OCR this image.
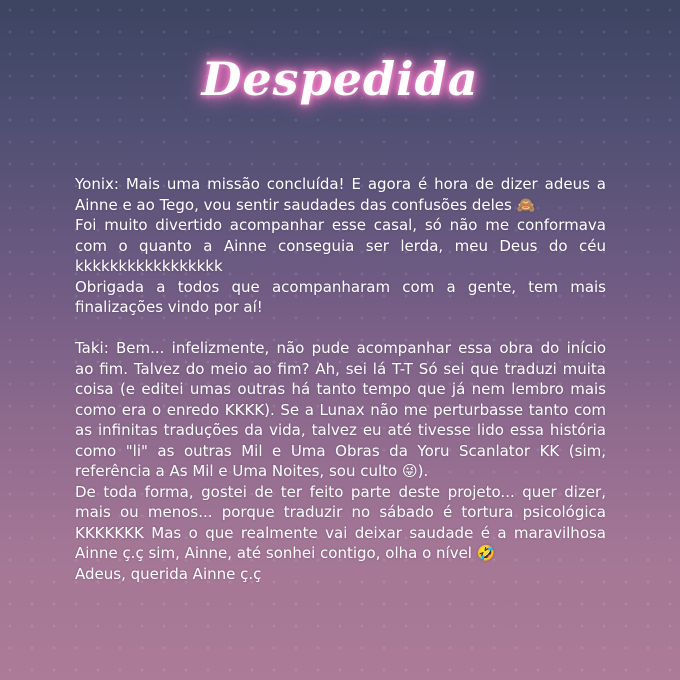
Despedida

Yonix: Mais uma missão concluída! E agora é hora de dizer adeus a Ainne e ao Tego, vou sentir saudades das confusões deles 🙈

Foi muito divertido acompanhar esse casal, só não me conformava com o quanto a Ainne conseguia ser lerda, meu Deus do céu kkkkkkkkkkkkkkkkk

Obrigada a todos que acompanharam com a gente, tem mais finalizações vindo por aí!

Taki: Bem... infelizmente, não pude acompanhar essa obra do início ao fim. Talvez do meio ao fim? Ah, sei lá T-T Só sei que traduzi muita coisa (e editei umas outras há tanto tempo que já nem lembro mais como era o enredo KKKK). Se a Lunax não me perturbasse tanto com as infinitas traduções da vida, talvez eu até tivesse lido essa história como "li" as outras Mil e Uma Obras da Yoru Scanlator KK (sim, referência a As Mil e Uma Noites, sou culto 😜).

De toda forma, gostei de ter feito parte deste projeto... quer dizer, mais ou menos... porque traduzir no sábado é tortura psicológica KKKKKKK Mas o que realmente vai deixar saudade é a maravilhosa Ainne ç.ç sim, Ainne, até sonhei contigo, olha o nível 🤣

Adeus, querida Ainne ç.ç
